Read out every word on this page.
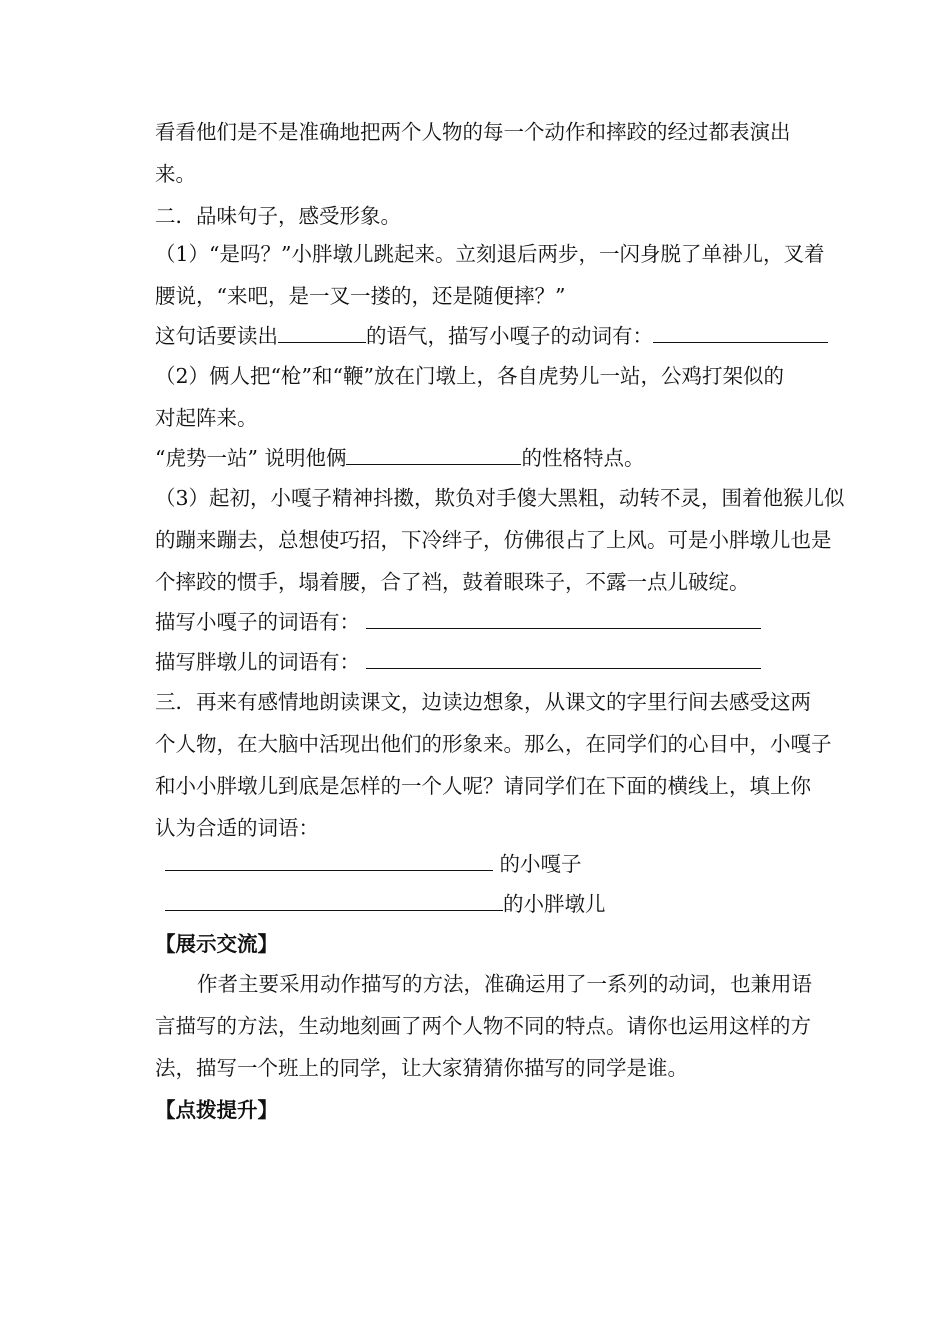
看看他们是不是准确地把两个人物的每一个动作和摔跤的经过都表演出
来。
二．品味句子，感受形象。
（1）“是吗？”小胖墩儿跳起来。立刻退后两步，一闪身脱了单褂儿，叉着
腰说，“来吧，是一叉一搂的，还是随便摔？”
这句话要读出	的语气，描写小嘎子的动词有：
（2）俩人把“枪”和“鞭”放在门墩上，各自虎势儿一站，公鸡打架似的
对起阵来。
“虎势一站” 说明他俩	的性格特点。
（3）起初，小嘎子精神抖擞，欺负对手傻大黑粗，动转不灵，围着他猴儿似
的蹦来蹦去，总想使巧招，下冷绊子，仿佛很占了上风。可是小胖墩儿也是
个摔跤的惯手，塌着腰，合了裆，鼓着眼珠子，不露一点儿破绽。
描写小嘎子的词语有：
描写胖墩儿的词语有：
三．再来有感情地朗读课文，边读边想象，从课文的字里行间去感受这两
个人物，在大脑中活现出他们的形象来。那么，在同学们的心目中，小嘎子
和小小胖墩儿到底是怎样的一个人呢？请同学们在下面的横线上，填上你
认为合适的词语：
的小嘎子
的小胖墩儿
【展示交流】
作者主要采用动作描写的方法，准确运用了一系列的动词，也兼用语
言描写的方法，生动地刻画了两个人物不同的特点。请你也运用这样的方
法，描写一个班上的同学，让大家猜猜你描写的同学是谁。
【点拨提升】
